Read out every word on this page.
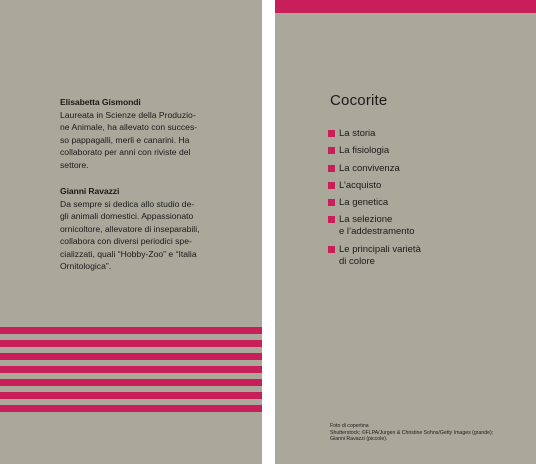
Elisabetta Gismondi

Laureata in Scienze della Produzio-
ne Animale, ha allevato con succes-
so pappagalli, merli e canarini. Ha
collaborato per anni con riviste del
settore.

Gianni Ravazzi

Da sempre si dedica allo studio de-
gli animali domestici. Appassionato
ornicoltore, allevatore di inseparabili,
collabora con diversi periodici spe-
cializzati, quali “Hobby-Zoo” e “Italia
Ornitologica”.

Cocorite
La storia
La fisiologia
La convivenza
L’acquisto
La genetica
La selezione
e l’addestramento
Le principali varietà
di colore
Foto di copertina
Shutterstock; ©FLPA/Jurgen & Christine Sohns/Getty Images (grande);
Gianni Ravazzi (piccole).
